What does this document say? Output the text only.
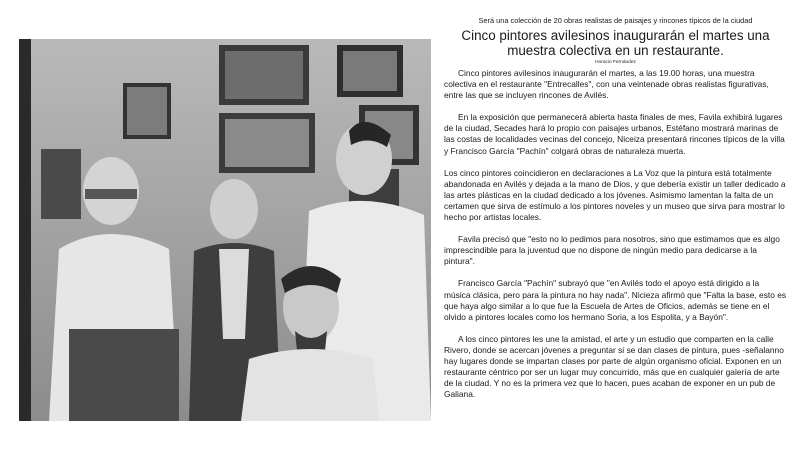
Será una colección de 20 obras realistas de paisajes y rincones típicos de la ciudad

Cinco pintores avilesinos inaugurarán el martes una muestra colectiva en un restaurante.

Horacio Fernández

Cinco pintores avilesinos inaugurarán el martes, a las 19.00 horas, una muestra colectiva en el restaurante "Entrecalles", con una veintenade obras realistas figurativas, entre las que se incluyen rincones de Avilés.

En la exposición que permanecerá abierta hasta finales de mes, Favila exhibirá lugares de la ciudad, Secades hará lo propio con paisajes urbanos, Estéfano mostrará marinas de las costas de localidades vecinas del concejo, Niceiza presentará rincones típicos de la villa y Francisco García "Pachín" colgará obras de naturaleza muerta.

Los cinco pintores coincidieron en declaraciones a La Voz que la pintura está totalmente abandonada en Avilés y dejada a la mano de Dios, y que debería existir un taller dedicado a las artes plásticas en la ciudad dedicado a los jóvenes. Asimismo lamentan la falta de un certamen que sirva de estímulo a los pintores noveles y un museo que sirva para mostrar lo hecho por artistas locales.

Favila precisó que "esto no lo pedimos para nosotros, sino que estimamos que es algo imprescindible para la juventud que no dispone de ningún medio para dedicarse a la pintura".

Francisco García "Pachín" subrayó que "en Avilés todo el apoyo está dirigido a la música clásica, pero para la pintura no hay nada". Nicieza afirmó que "Falta la base, esto es que haya algo similar a lo que fue la Escuela de Artes de Oficios, además se tiene en el olvido a pintores locales como los hermano Soria, a los Espolita, y a Bayón".

A los cinco pintores les une la amistad, el arte y un estudio que comparten en la calle Rivero, donde se acercan jóvenes a preguntar si se dan clases de pintura, pues -señalanno hay lugares donde se impartan clases por parte de algún organismo oficial. Exponen en un restaurante céntrico por ser un lugar muy concurrido, más que en cualquier galería de arte de la ciudad. Y no es la primera vez que lo hacen, pues acaban de exponer en un pub de Galiana.
